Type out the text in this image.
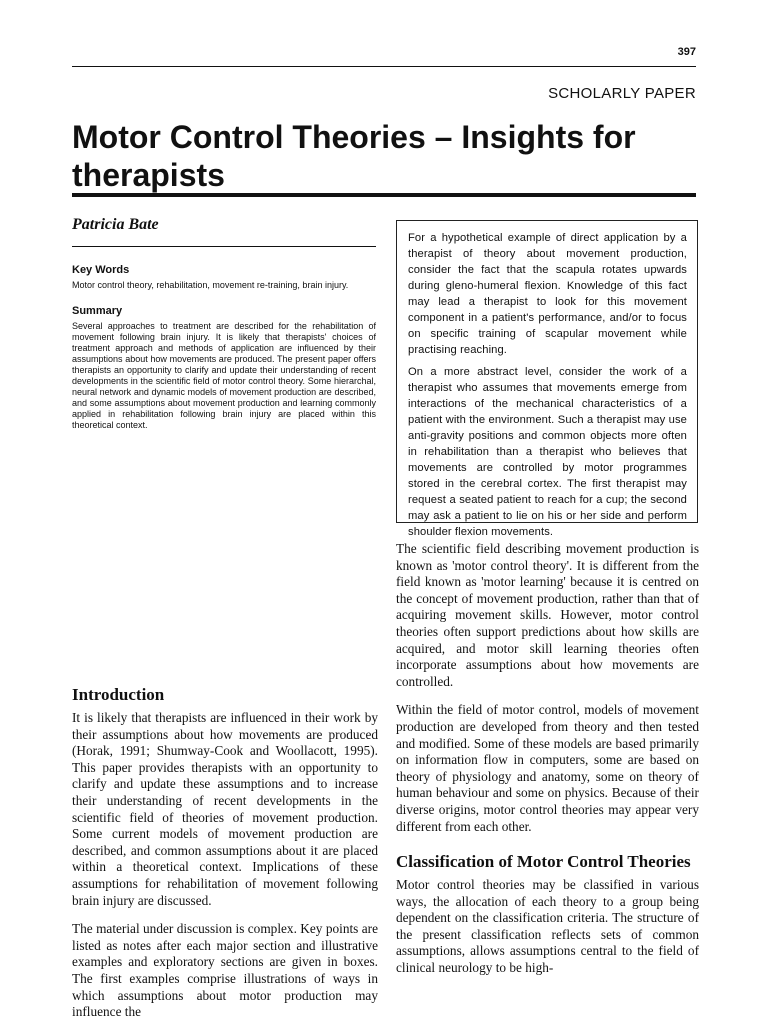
397
SCHOLARLY PAPER
Motor Control Theories – Insights for therapists
Patricia Bate

Key Words

Motor control theory, rehabilitation, movement re-training, brain injury.

Summary

Several approaches to treatment are described for the rehabilitation of movement following brain injury. It is likely that therapists' choices of treatment approach and methods of application are influenced by their assumptions about how movements are produced. The present paper offers therapists an opportunity to clarify and update their understanding of recent developments in the scientific field of motor control theory. Some hierarchal, neural network and dynamic models of movement production are described, and some assumptions about movement production and learning commonly applied in rehabilitation following brain injury are placed within this theoretical context.

For a hypothetical example of direct application by a therapist of theory about movement production, consider the fact that the scapula rotates upwards during gleno-humeral flexion. Knowledge of this fact may lead a therapist to look for this movement component in a patient's performance, and/or to focus on specific training of scapular movement while practising reaching.

On a more abstract level, consider the work of a therapist who assumes that movements emerge from interactions of the mechanical characteristics of a patient with the environment. Such a therapist may use anti-gravity positions and common objects more often in rehabilitation than a therapist who believes that movements are controlled by motor programmes stored in the cerebral cortex. The first therapist may request a seated patient to reach for a cup; the second may ask a patient to lie on his or her side and perform shoulder flexion movements.

Introduction

It is likely that therapists are influenced in their work by their assumptions about how movements are produced (Horak, 1991; Shumway-Cook and Woollacott, 1995). This paper provides therapists with an opportunity to clarify and update these assumptions and to increase their understanding of recent developments in the scientific field of theories of movement production. Some current models of movement production are described, and common assumptions about it are placed within a theoretical context. Implications of these assumptions for rehabilitation of movement following brain injury are discussed.

The material under discussion is complex. Key points are listed as notes after each major section and illustrative examples and exploratory sections are given in boxes. The first examples comprise illustrations of ways in which assumptions about motor production may influence the

The scientific field describing movement production is known as 'motor control theory'. It is different from the field known as 'motor learning' because it is centred on the concept of movement production, rather than that of acquiring movement skills. However, motor control theories often support predictions about how skills are acquired, and motor skill learning theories often incorporate assumptions about how movements are controlled.

Within the field of motor control, models of movement production are developed from theory and then tested and modified. Some of these models are based primarily on information flow in computers, some are based on theory of physiology and anatomy, some on theory of human behaviour and some on physics. Because of their diverse origins, motor control theories may appear very different from each other.

Classification of Motor Control Theories

Motor control theories may be classified in various ways, the allocation of each theory to a group being dependent on the classification criteria. The structure of the present classification reflects sets of common assumptions, allows assumptions central to the field of clinical neurology to be high-
